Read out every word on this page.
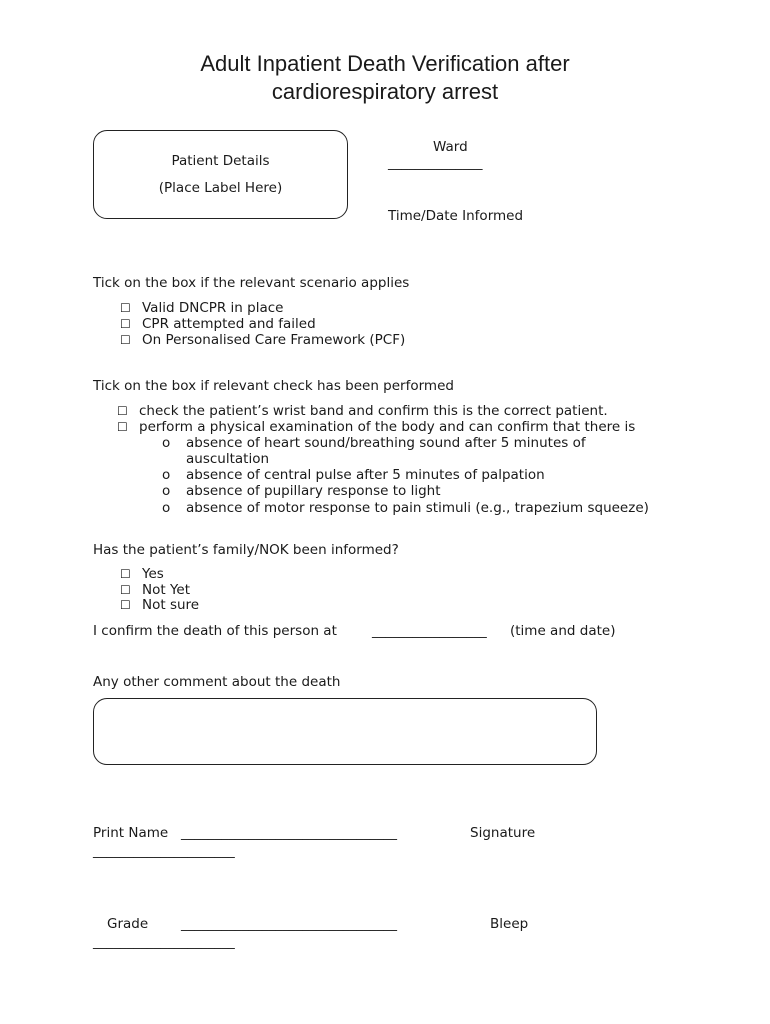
Adult Inpatient Death Verification after
cardiorespiratory arrest
Patient Details
(Place Label Here)
Ward
______________
Time/Date Informed
Tick on the box if the relevant scenario applies
☐ Valid DNCPR in place
☐ CPR attempted and failed
☐ On Personalised Care Framework (PCF)
Tick on the box if relevant check has been performed
☐ check the patient’s wrist band and confirm this is the correct patient.
☐ perform a physical examination of the body and can confirm that there is
o absence of heart sound/breathing sound after 5 minutes of
auscultation
o absence of central pulse after 5 minutes of palpation
o absence of pupillary response to light
o absence of motor response to pain stimuli (e.g., trapezium squeeze)
Has the patient’s family/NOK been informed?
☐ Yes
☐ Not Yet
☐ Not sure
I confirm the death of this person at	_________________ (time and date)
Any other comment about the death
Print Name ________________________________	Signature
_____________________
Grade ________________________________	Bleep
_____________________
